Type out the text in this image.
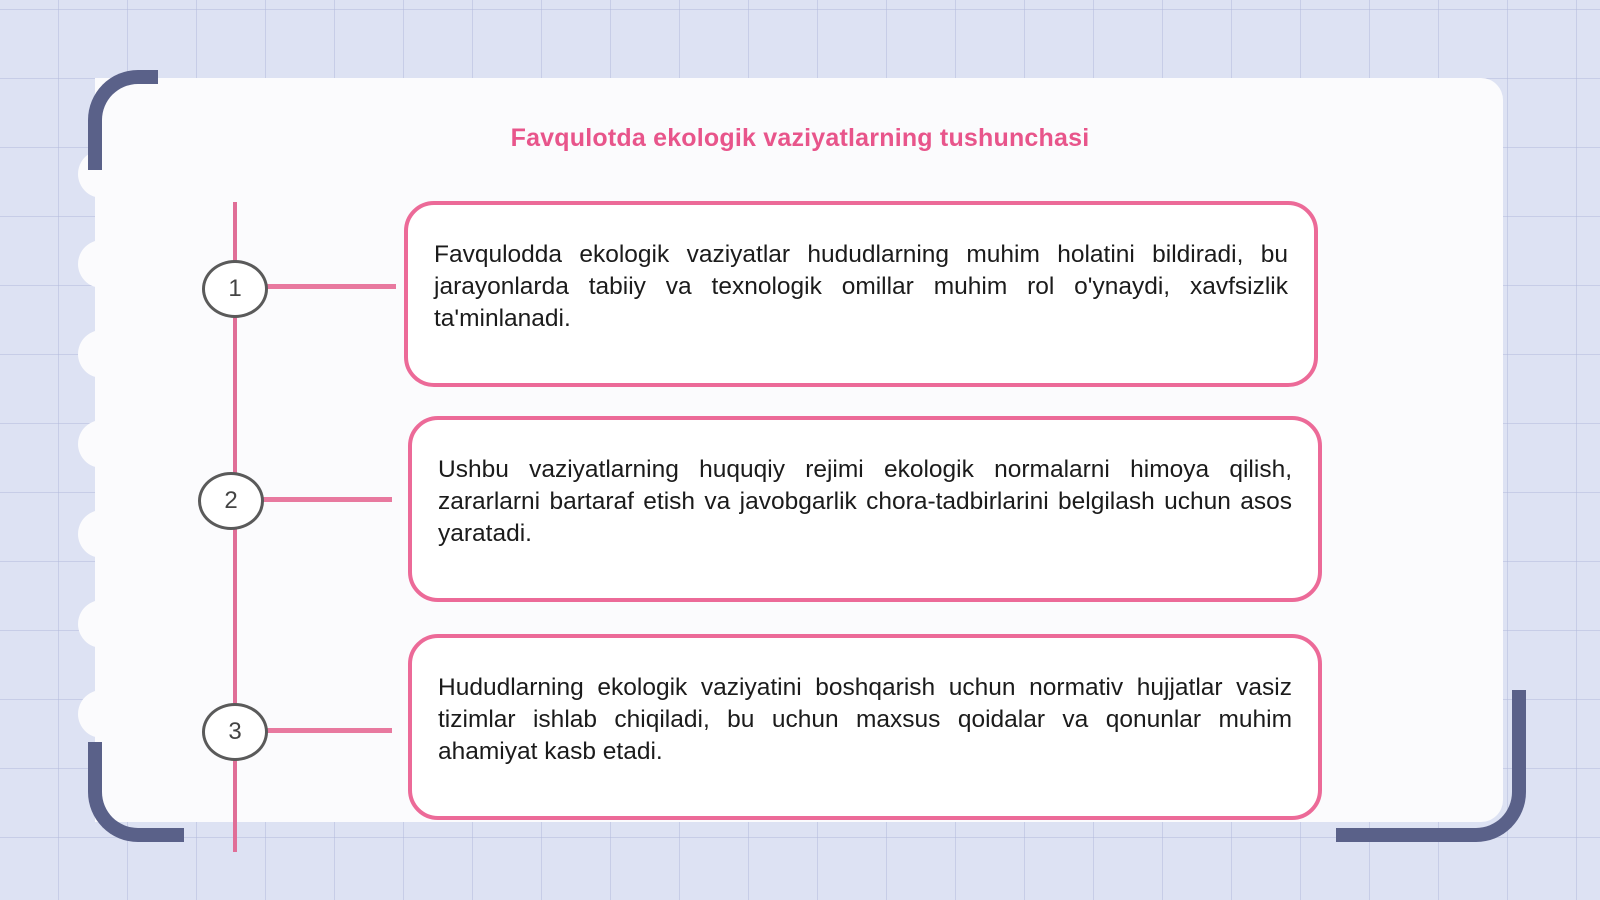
Favqulotda ekologik vaziyatlarning tushunchasi
1

Favqulodda ekologik vaziyatlar hududlarning muhim holatini bildiradi, bu jarayonlarda tabiiy va texnologik omillar muhim rol o'ynaydi, xavfsizlik ta'minlanadi.

2

Ushbu vaziyatlarning huquqiy rejimi ekologik normalarni himoya qilish, zararlarni bartaraf etish va javobgarlik chora-tadbirlarini belgilash uchun asos yaratadi.

3

Hududlarning ekologik vaziyatini boshqarish uchun normativ hujjatlar vasiz tizimlar ishlab chiqiladi, bu uchun maxsus qoidalar va qonunlar muhim ahamiyat kasb etadi.
